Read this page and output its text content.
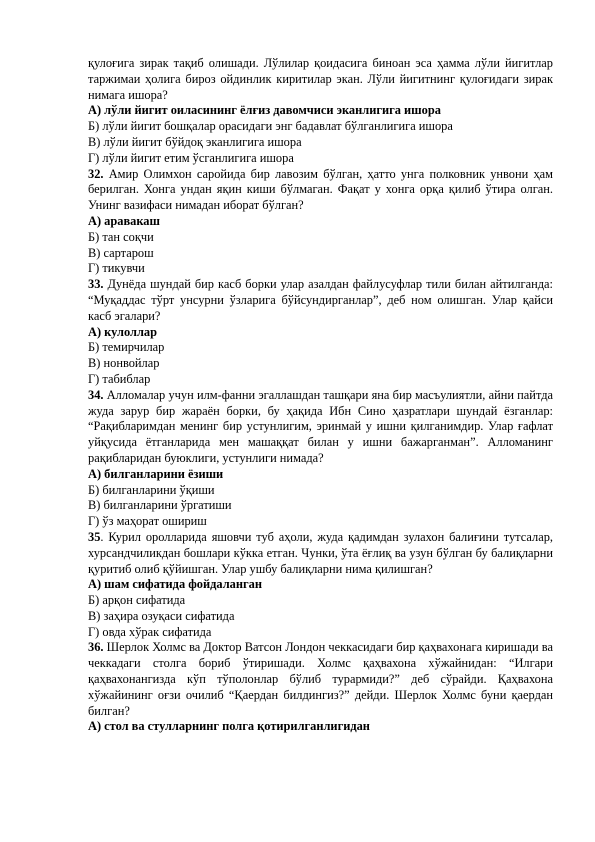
қулоғига зирак тақиб олишади. Лўлилар қоидасига биноан эса ҳамма лўли йигитлар таржимаи ҳолига бироз ойдинлик киритилар экан. Лўли йигитнинг қулоғидаги зирак нимага ишора?

А) лўли йигит оиласининг ёлғиз давомчиси эканлигига ишора

Б) лўли йигит бошқалар орасидаги энг бадавлат бўлганлигига ишора

В) лўли йигит бўйдоқ эканлигига ишора

Г) лўли йигит етим ўсганлигига ишора

32. Амир Олимхон саройида бир лавозим бўлган, ҳатто унга полковник унвони ҳам берилган. Хонга ундан яқин киши бўлмаган. Фақат у хонга орқа қилиб ўтира олган. Унинг вазифаси нимадан иборат бўлган?

А) аравакаш

Б) тан соқчи

В) сартарош

Г) тикувчи

33. Дунёда шундай бир касб борки улар азалдан файлусуфлар тили билан айтилганда: “Муқаддас тўрт унсурни ўзларига бўйсундирганлар”, деб ном олишган. Улар қайси касб эгалари?

А) кулоллар

Б) темирчилар

В) нонвойлар

Г) табиблар

34. Алломалар учун илм-фанни эгаллашдан ташқари яна бир масъулиятли, айни пайтда жуда зарур бир жараён борки, бу ҳақида Ибн Сино ҳазратлари шундай ёзганлар: “Рақибларимдан менинг бир устунлигим, эринмай у ишни қилганимдир. Улар ғафлат уйқусида ётганларида мен машаққат билан у ишни бажарганман”. Алломанинг рақибларидан буюклиги, устунлиги нимада?

А) билганларини ёзиши

Б) билганларини ўқиши

В) билганларини ўргатиши

Г) ўз маҳорат ошириш

35. Курил оролларида яшовчи туб аҳоли, жуда қадимдан зулахон балиғини тутсалар, хурсандчиликдан бошлари кўкка етган. Чунки, ўта ёғлиқ ва узун бўлган бу балиқларни қуритиб олиб қўйишган. Улар ушбу балиқларни нима қилишган?

А) шам сифатида фойдаланган

Б) арқон сифатида

В) заҳира озуқаси сифатида

Г) овда хўрак сифатида

36. Шерлок Холмс ва Доктор Ватсон Лондон чеккасидаги бир қаҳвахонага киришади ва чеккадаги столга бориб ўтиришади. Холмс қаҳвахона хўжайнидан: “Илгари қаҳвахонангизда кўп тўполонлар бўлиб турармиди?” деб сўрайди. Қаҳвахона хўжайининг оғзи очилиб “Қаердан билдингиз?” дейди. Шерлок Холмс буни қаердан билган?

А) стол ва стулларнинг полга қотирилганлигидан
